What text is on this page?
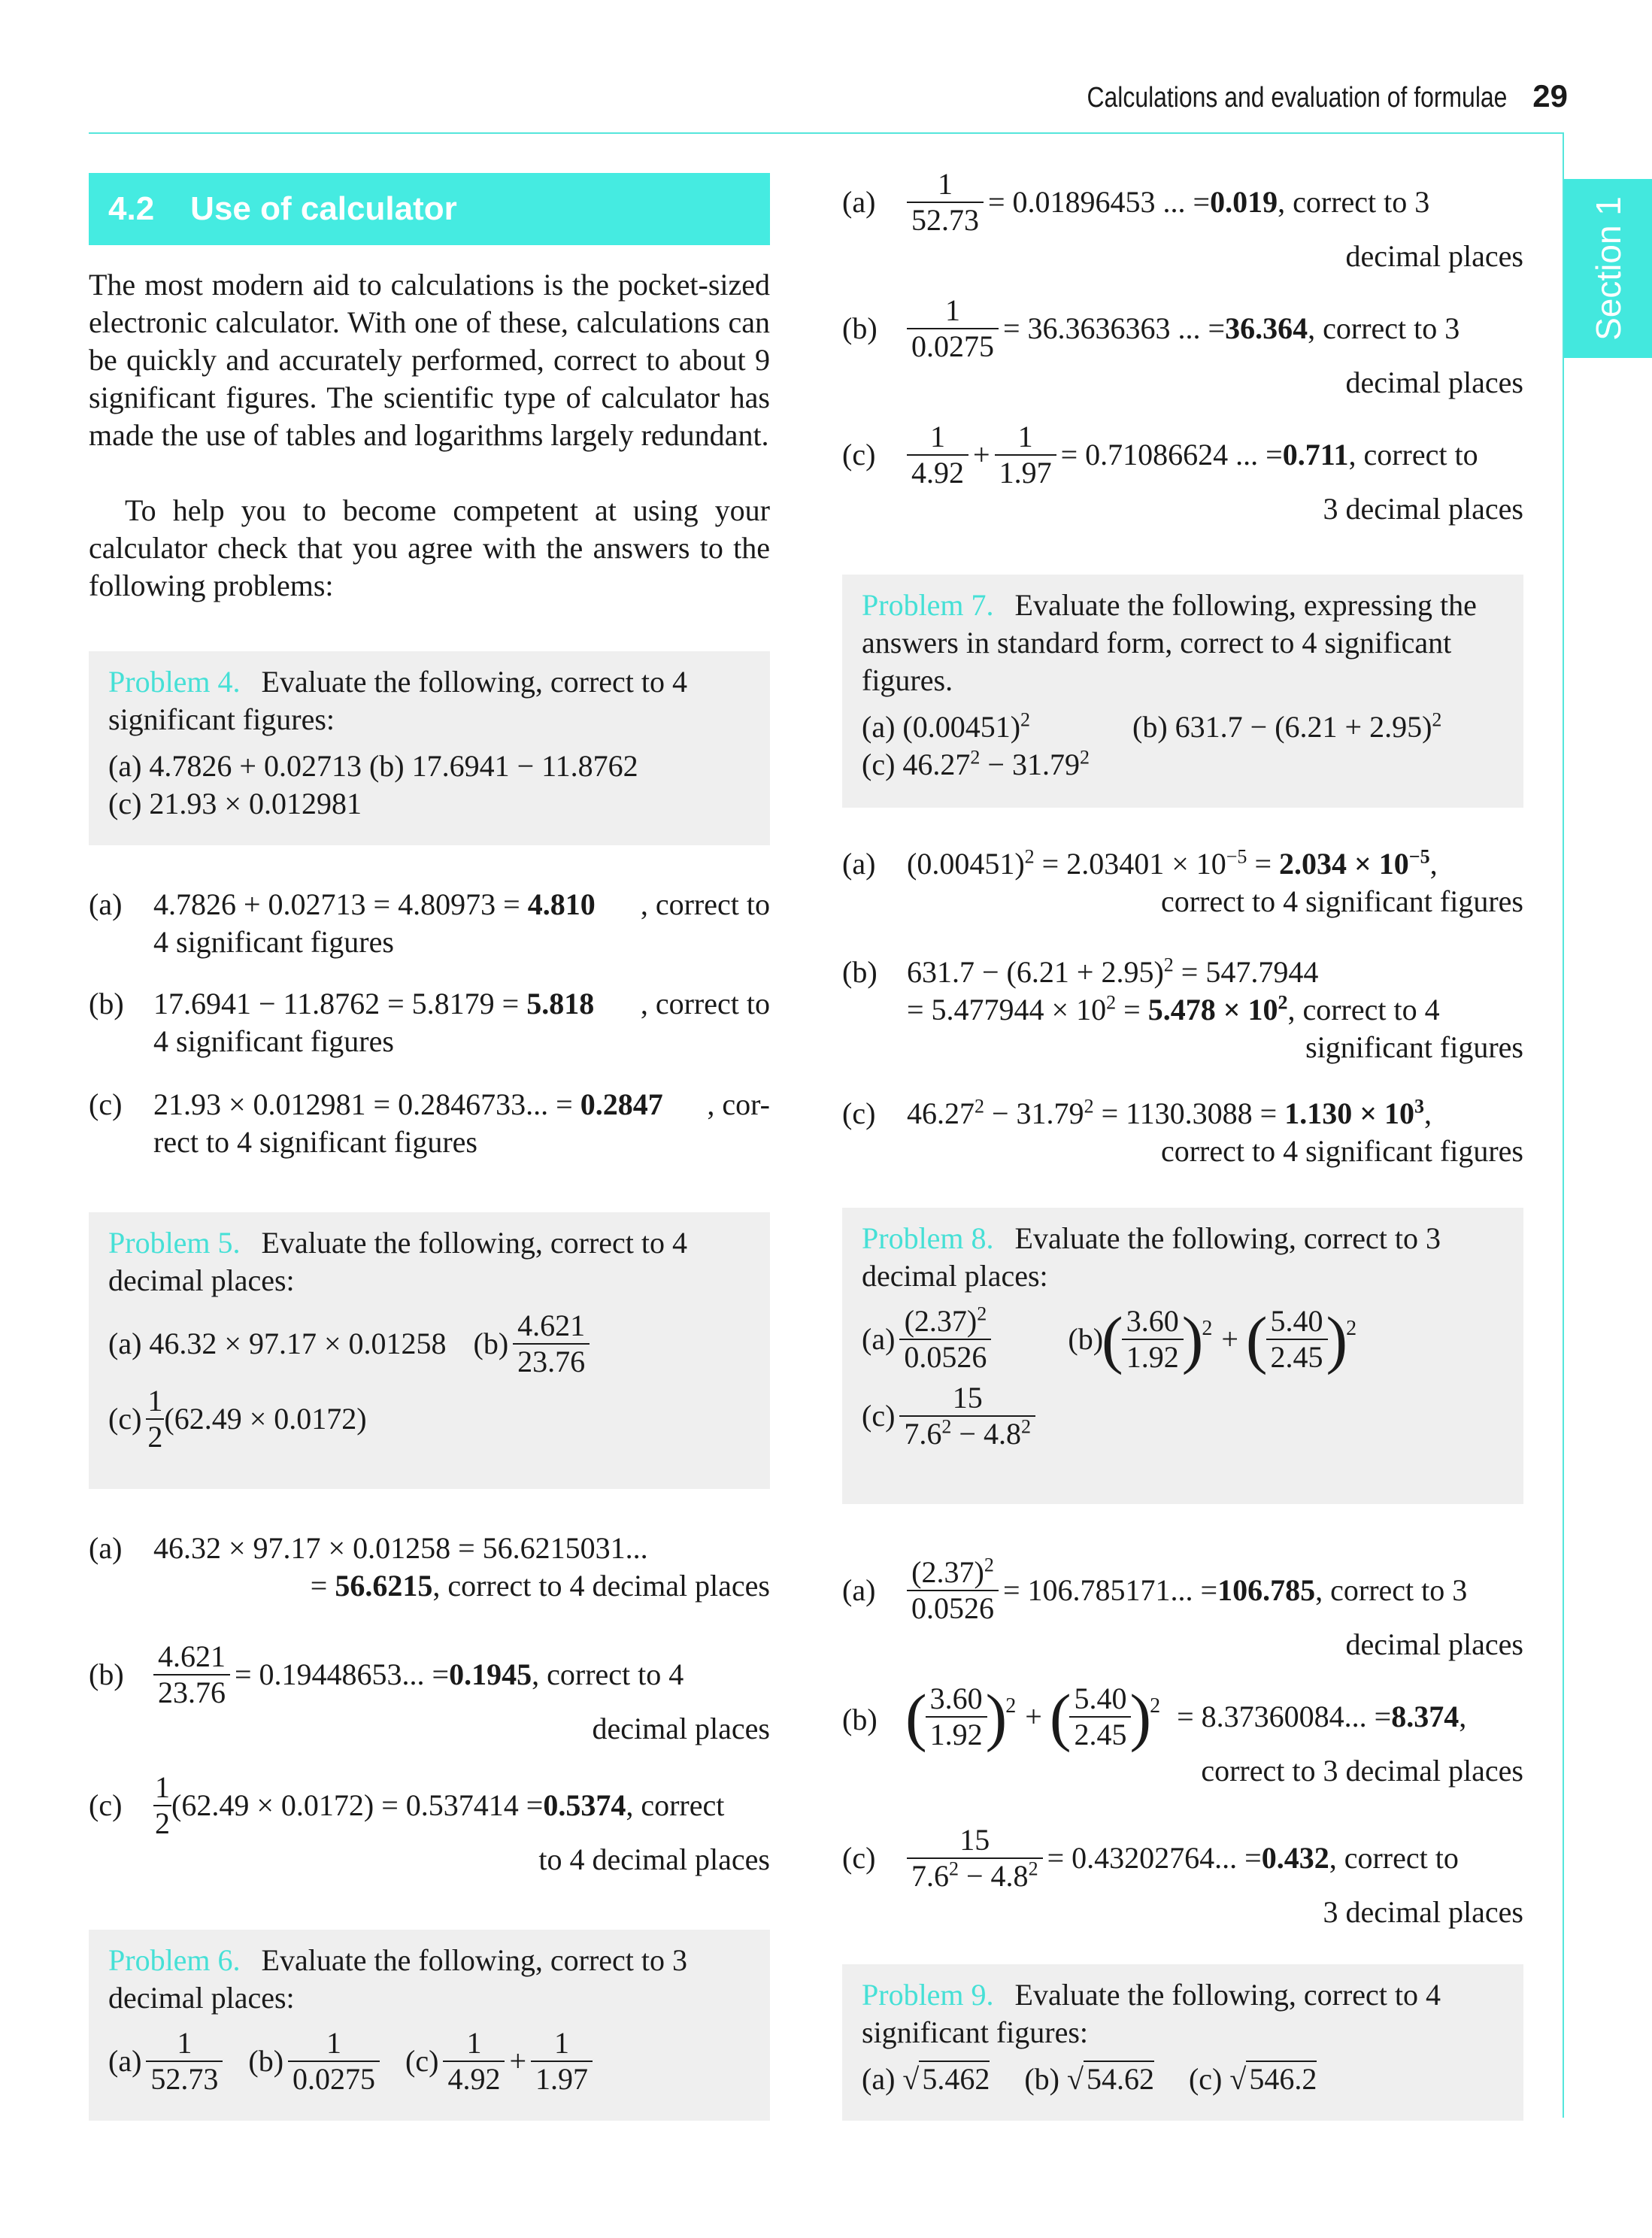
Calculations and evaluation of formulae 29
Section 1
4.2 Use of calculator
The most modern aid to calculations is the pocket-sized electronic calculator. With one of these, calculations can be quickly and accurately performed, correct to about 9 significant figures. The scientific type of calculator has made the use of tables and logarithms largely redundant.
To help you to become competent at using your calculator check that you agree with the answers to the following problems:
Problem 4. Evaluate the following, correct to 4 significant figures:
(a) 4.7826 + 0.02713 (b) 17.6941 − 11.8762
(c) 21.93 × 0.012981
(a)	4.7826 + 0.02713 = 4.80973 = 4.810 , correct to
4 significant figures
(b) 17.6941 − 11.8762 = 5.8179 = 5.818 , correct to
4 significant figures
(c)	21.93 × 0.012981 = 0.2846733... = 0.2847 , cor-
rect to 4 significant figures
Problem 5. Evaluate the following, correct to 4 decimal places:
(a) 46.32 × 97.17 × 0.01258 $(b) \frac{4.621}{23.76}$
$(c) \frac{1}{2} (62.49 \times 0.0172)$
(a)	46.32 × 97.17 × 0.01258 = 56.6215031...
= 56.6215, correct to 4 decimal places
$(b) \frac{4.621}{23.76} = 0.19448653$... = 0.1945 , correct to 4
decimal places
(c)	$\frac{1}{2} (62.49 \times 0.0172) = 0.537414 = 0.5374$ , correct
to 4 decimal places
Problem 6. Evaluate the following, correct to 3 decimal places:
$(a) \frac{1}{52.73} (b) \frac{1}{0.0275} (c) \frac{1}{4.92} + \frac{1}{1.97}$
(a)	$\frac{1}{52.73} = 0.01896453$ ... = 0.019 , correct to 3
decimal places
$(b) \frac{1}{0.0275} = 36.3636363$ ... = 36.364 , correct to 3
decimal places
(c)	$\frac{1}{4.92} + \frac{1}{1.97} = 0.71086624$ ... = 0.711 , correct to
3 decimal places
Problem 7. Evaluate the following, expressing the answers in standard form, correct to 4 significant figures.
(a) $(0.00451)^2$	(b) $631.7 - (6.21 + 2.95)^2$
(c) $46.27^2 - 31.79^2$
(a)	$(0.00451)^2 = 2.03401 \times 10^{-5} = 2.034 \times 10^{-5}$,
correct to 4 significant figures
(b) $631.7 - (6.21 + 2.95)^2 = 547.7944$
= $5.477944 \times 10^2 = 5.478 \times 10^2$, correct to 4
significant figures
(c)	$46.27^2 - 31.79^2 = 1130.3088 = 1.130 \times 10^3$,
correct to 4 significant figures
Problem 8. Evaluate the following, correct to 3 decimal places:
$(a) \frac{(2.37)^2}{0.0526}$	(b)
(
$\frac{3.60}{1.92}$
)
2 + (
$\frac{5.40}{2.45}$
)
2
$(c) \frac{15}{7.6^2 - 4.8^2}$
(a)	$\frac{(2.37)^2}{0.0526} = 106.785171$... = 106.785 , correct to 3
decimal places
(b) (
$\frac{3.60}{1.92}$
)
2 + (
$\frac{5.40}{2.45}$
)
2 = 8.37360084... = 8.374 ,
correct to 3 decimal places
(c)	$\frac{15}{7.6^2 - 4.8^2} = 0.43202764$... = 0.432 , correct to
3 decimal places
Problem 9. Evaluate the following, correct to 4 significant figures:
(a) √ 5.462 (b) √ 54.62 (c) √ 546.2
